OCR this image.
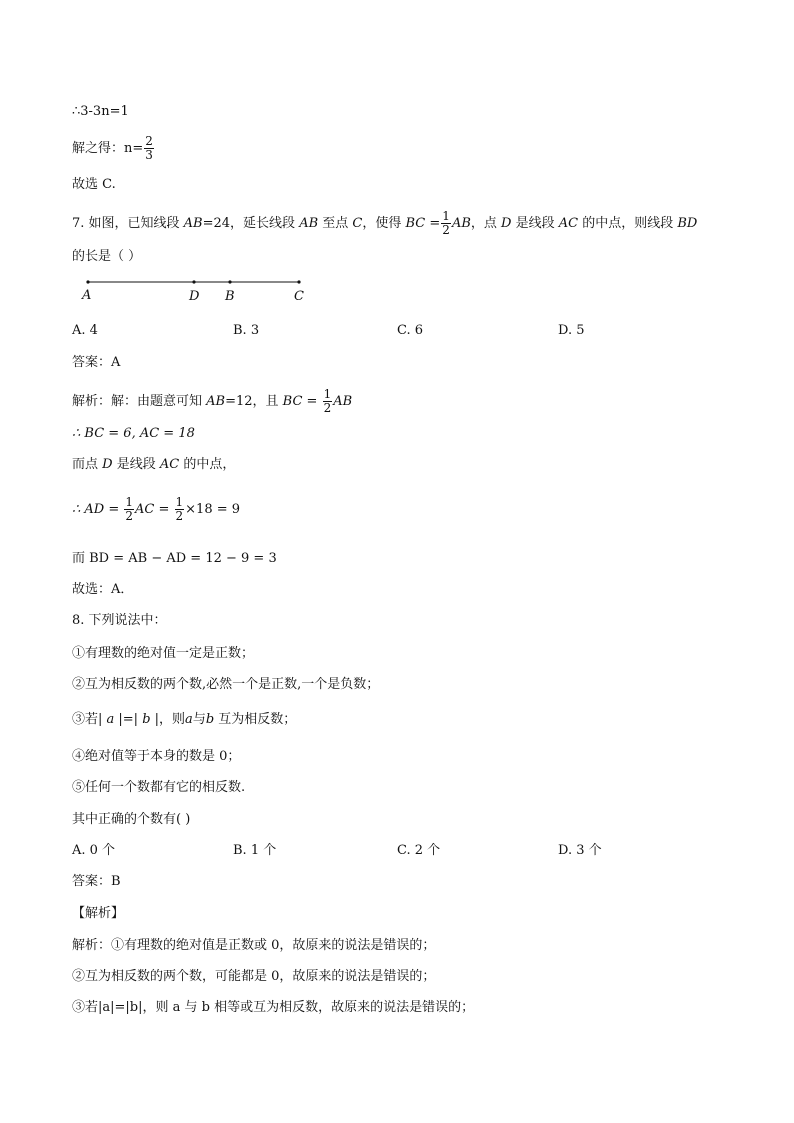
∴3-3n=1
解之得：$n= \frac{2}{3}$
故选 C.
7. 如图，已知线段 AB=24，延长线段 AB 至点 C，使得 BC = $\frac{1}{2}$ AB，点 D 是线段 AC 的中点，则线段 BD
的长是（ ）
A	D B	C
A. 4	B. 3	C. 6	D. 5
答案：A
解析：解：由题意可知 AB=12，且 BC = $\frac{1}{2}$ AB
∴ BC = 6, AC = 18
而点 D 是线段 AC 的中点，
∴ AD = $\frac{1}{2}$ AC = $\frac{1}{2} \times 18 = 9$
而 BD = AB − AD = 12 − 9 = 3
故选：A．
8. 下列说法中：
①有理数的绝对值一定是正数；
②互为相反数的两个数,必然一个是正数,一个是负数；
③若| a |=| b |，则a与b 互为相反数；
④绝对值等于本身的数是 0；
⑤任何一个数都有它的相反数.
其中正确的个数有( )
A. 0 个	B. 1 个	C. 2 个	D. 3 个
答案：B
【解析】
解析：①有理数的绝对值是正数或 0，故原来的说法是错误的；
②互为相反数的两个数，可能都是 0，故原来的说法是错误的；
③若|a|=|b|，则 a 与 b 相等或互为相反数，故原来的说法是错误的；
